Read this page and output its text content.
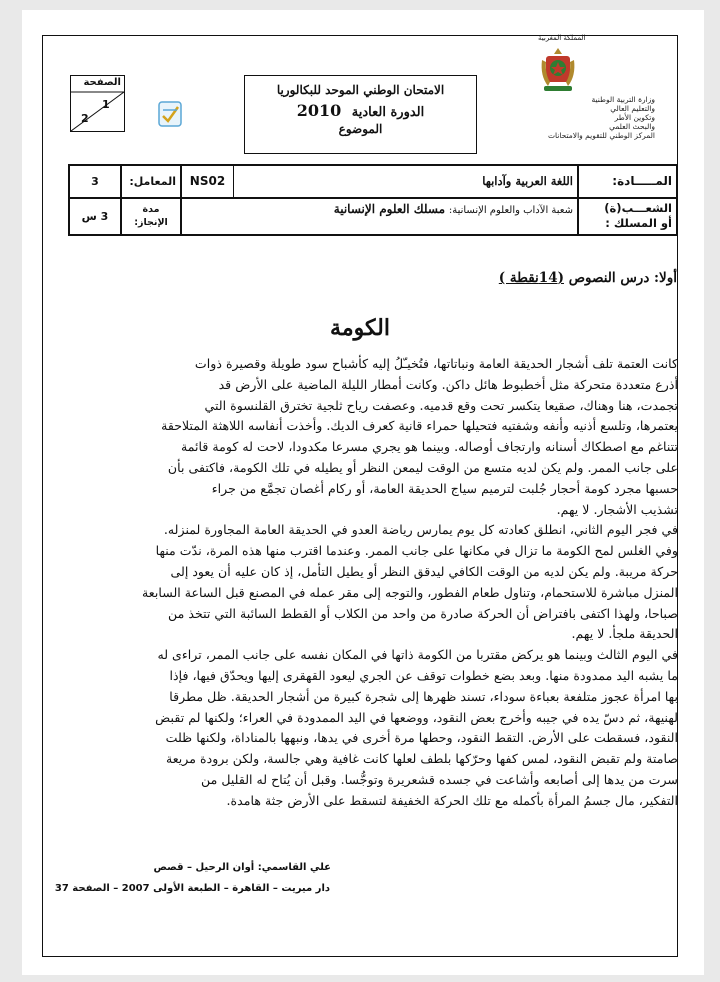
المملكة المغربية
وزارة التربية الوطنية
والتعليم العالي
وتكوين الأطر
والبحث العلمي
المركز الوطني للتقويم والامتحانات
الامتحان الوطني الموحد للبكالوريا
الدورة العادية 2010
الموضوع
الصفحة
1
2
المـــــادة:
اللغة العربية وآدابها
NS02
المعامل:
3
الشعـــب(ة)
أو المسلك :
شعبة الآداب والعلوم الإنسانية: مسلك العلوم الإنسانية
مدة
الإنجاز:
3 س
أولا: درس النصوص (14نقطة )
الكومة

كانت العتمة تلف أشجار الحديقة العامة ونباتاتها، فتُخيـّلُ إليه كأشباح سود طويلة وقصيرة ذوات
أذرع متعددة متحركة مثل أخطبوط هائل داكن. وكانت أمطار الليلة الماضية على الأرض قد
تجمدت، هنا وهناك، صقيعا يتكسر تحت وقع قدميه. وعصفت رياح ثلجية تخترق القلنسوة التي
يعتمرها، وتلسع أذنيه وأنفه وشفتيه فتحيلها حمراء قانية كعرف الديك. وأخذت أنفاسه اللاهثة المتلاحقة
تتناغم مع اصطكاك أسنانه وارتجاف أوصاله. وبينما هو يجري مسرعا مكدودا، لاحت له كومة قائمة
على جانب الممر. ولم يكن لديه متسع من الوقت ليمعن النظر أو يطيله في تلك الكومة، فاكتفى بأن
حسبها مجرد كومة أحجار جُلبت لترميم سياج الحديقة العامة، أو ركام أغصان تجمَّع من جراء
تشذيب الأشجار. لا يهم.

في فجر اليوم الثاني، انطلق كعادته كل يوم يمارس رياضة العدو في الحديقة العامة المجاورة لمنزله.
وفي الغلس لمح الكومة ما تزال في مكانها على جانب الممر. وعندما اقترب منها هذه المرة، ندّت منها
حركة مريبة. ولم يكن لديه من الوقت الكافي ليدقق النظر أو يطيل التأمل، إذ كان عليه أن يعود إلى
المنزل مباشرة للاستحمام، وتناول طعام الفطور، والتوجه إلى مقر عمله في المصنع قبل الساعة السابعة
صباحا، ولهذا اكتفى بافتراض أن الحركة صادرة من واحد من الكلاب أو القطط السائبة التي تتخذ من
الحديقة ملجأ. لا يهم.

في اليوم الثالث وبينما هو يركض مقتربا من الكومة ذاتها في المكان نفسه على جانب الممر، تراءى له
ما يشبه اليد ممدودة منها. وبعد بضع خطوات توقف عن الجري ليعود القهقرى إليها ويحدّق فيها، فإذا
بها امرأة عجوز متلفعة بعباءة سوداء، تسند ظهرها إلى شجرة كبيرة من أشجار الحديقة. ظل مطرقا
لهنيهة، ثم دسّ يده في جيبه وأخرج بعض النقود، ووضعها في اليد الممدودة في العراء؛ ولكنها لم تقبض
النقود، فسقطت على الأرض. التقط النقود، وحطها مرة أخرى في يدها، ونبهها بالمناداة، ولكنها ظلت
صامتة ولم تقبض النقود، لمس كفها وحرّكها بلطف لعلها كانت غافية وهي جالسة، ولكن برودة مريعة
سرت من يدها إلى أصابعه وأشاعت في جسده قشعريرة وتوجُّسا. وقبل أن يُتاح له القليل من
التفكير، مال جسمُ المرأة بأكمله مع تلك الحركة الخفيفة لتسقط على الأرض جثة هامدة.

علي القاسمي: أوان الرحيل – قصص
دار ميريت – القاهرة – الطبعة الأولى 2007 – الصفحة 37
